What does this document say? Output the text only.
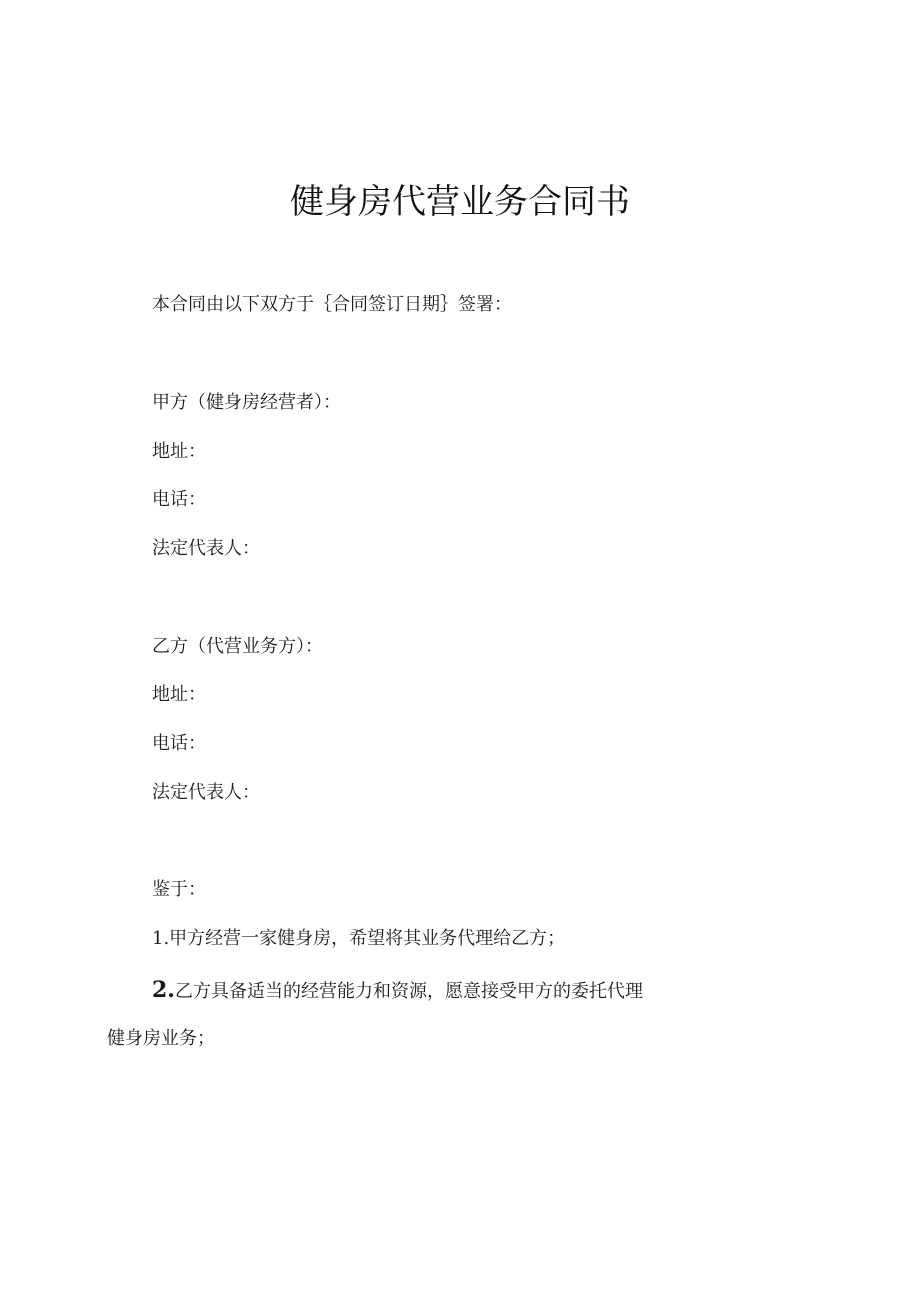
健身房代营业务合同书
本合同由以下双方于｛合同签订日期｝签署：
甲方（健身房经营者）：
地址：
电话：
法定代表人：
乙方（代营业务方）：
地址：
电话：
法定代表人：
鉴于：
1.甲方经营一家健身房，希望将其业务代理给乙方；
2.乙方具备适当的经营能力和资源，愿意接受甲方的委托代理
健身房业务；
